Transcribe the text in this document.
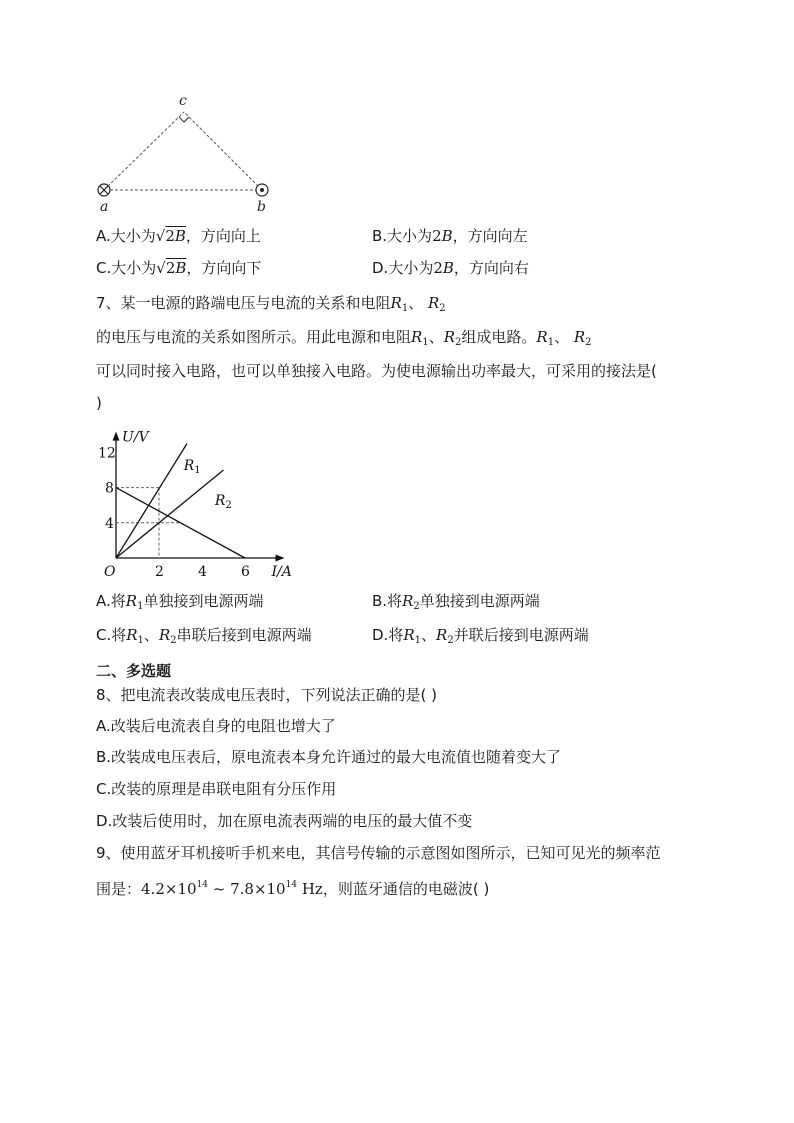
c
a	b
A.大小为√2B，方向向上	B.大小为2B，方向向左
C.大小为√2B，方向向下	D.大小为2B，方向向右
7、某一电源的路端电压与电流的关系和电阻$R_1$、 $R_2$
的电压与电流的关系如图所示。用此电源和电阻$R_1$、$R_2$组成电路。$R_1$、 $R_2$
可以同时接入电路，也可以单独接入电路。为使电源输出功率最大，可采用的接法是(
)
$R_1$
$R_2$
2 4 6
4
8
12
O	I/A
U/V
A.将$R_1$单独接到电源两端	B.将$R_2$单独接到电源两端
C.将$R_1$、$R_2$串联后接到电源两端	D.将$R_1$、$R_2$并联后接到电源两端
二、多选题
8、把电流表改装成电压表时，下列说法正确的是( )
A.改装后电流表自身的电阻也增大了
B.改装成电压表后，原电流表本身允许通过的最大电流值也随着变大了
C.改装的原理是串联电阻有分压作用
D.改装后使用时，加在原电流表两端的电压的最大值不变
9、使用蓝牙耳机接听手机来电，其信号传输的示意图如图所示，已知可见光的频率范
围是：$4.2\times 10^{14}$ ~ $7.8\times 10^{14}$ Hz，则蓝牙通信的电磁波( )
